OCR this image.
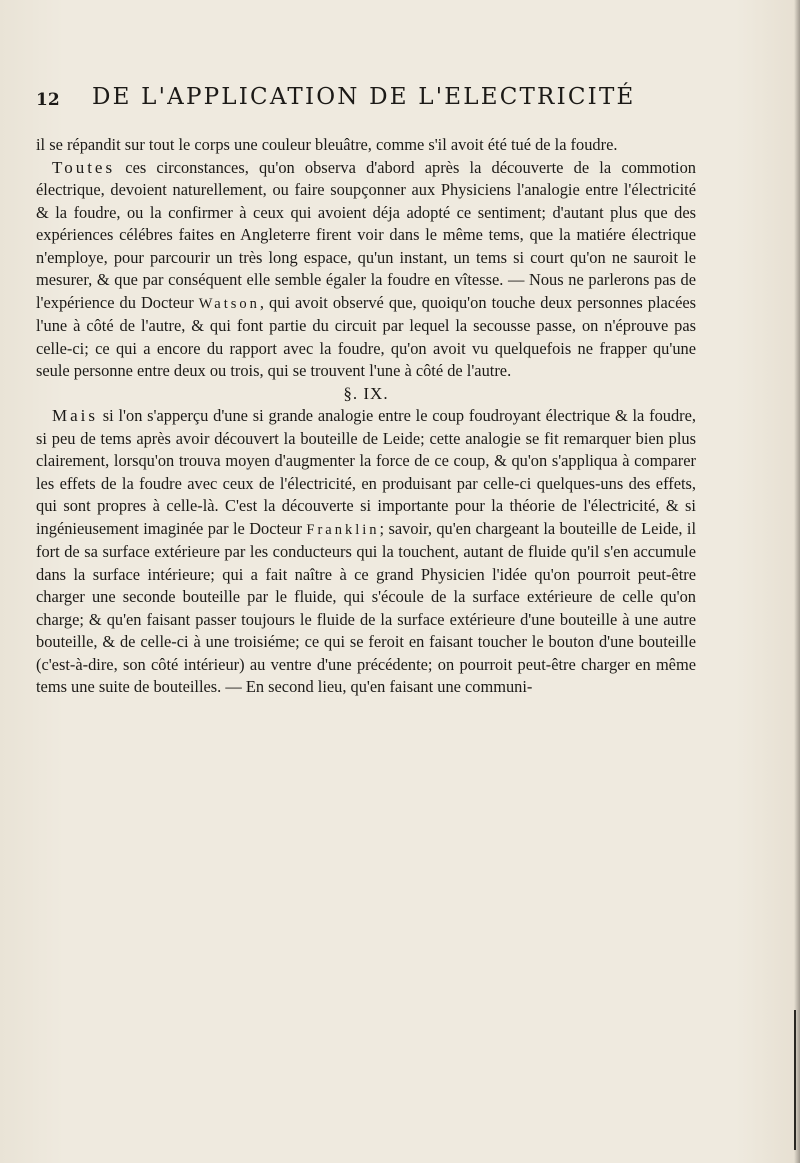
12 DE L'APPLICATION DE L'ELECTRICITÉ

il se répandit sur tout le corps une couleur bleuâtre, comme s'il avoit été tué de la foudre.

Toutes ces circonstances, qu'on observa d'abord après la découverte de la commotion électrique, devoient naturellement, ou faire soupçonner aux Physiciens l'analogie entre l'électricité & la foudre, ou la confirmer à ceux qui avoient déja adopté ce sentiment; d'autant plus que des expériences célébres faites en Angleterre firent voir dans le même tems, que la matiére électrique n'employe, pour parcourir un très long espace, qu'un instant, un tems si court qu'on ne sauroit le mesurer, & que par conséquent elle semble égaler la foudre en vîtesse. — Nous ne parlerons pas de l'expérience du Docteur Watson, qui avoit observé que, quoiqu'on touche deux personnes placées l'une à côté de l'autre, & qui font partie du circuit par lequel la secousse passe, on n'éprouve pas celle-ci; ce qui a encore du rapport avec la foudre, qu'on avoit vu quelquefois ne frapper qu'une seule personne entre deux ou trois, qui se trouvent l'une à côté de l'autre.

§. IX.

Mais si l'on s'apperçu d'une si grande analogie entre le coup foudroyant électrique & la foudre, si peu de tems après avoir découvert la bouteille de Leide; cette analogie se fit remarquer bien plus clairement, lorsqu'on trouva moyen d'augmenter la force de ce coup, & qu'on s'appliqua à comparer les effets de la foudre avec ceux de l'électricité, en produisant par celle-ci quelques-uns des effets, qui sont propres à celle-là. C'est la découverte si importante pour la théorie de l'électricité, & si ingénieusement imaginée par le Docteur Franklin; savoir, qu'en chargeant la bouteille de Leide, il fort de sa surface extérieure par les conducteurs qui la touchent, autant de fluide qu'il s'en accumule dans la surface intérieure; qui a fait naître à ce grand Physicien l'idée qu'on pourroit peut-être charger une seconde bouteille par le fluide, qui s'écoule de la surface extérieure de celle qu'on charge; & qu'en faisant passer toujours le fluide de la surface extérieure d'une bouteille à une autre bouteille, & de celle-ci à une troisiéme; ce qui se feroit en faisant toucher le bouton d'une bouteille (c'est-à-dire, son côté intérieur) au ventre d'une précédente; on pourroit peut-être charger en même tems une suite de bouteilles. — En second lieu, qu'en faisant une communi-
